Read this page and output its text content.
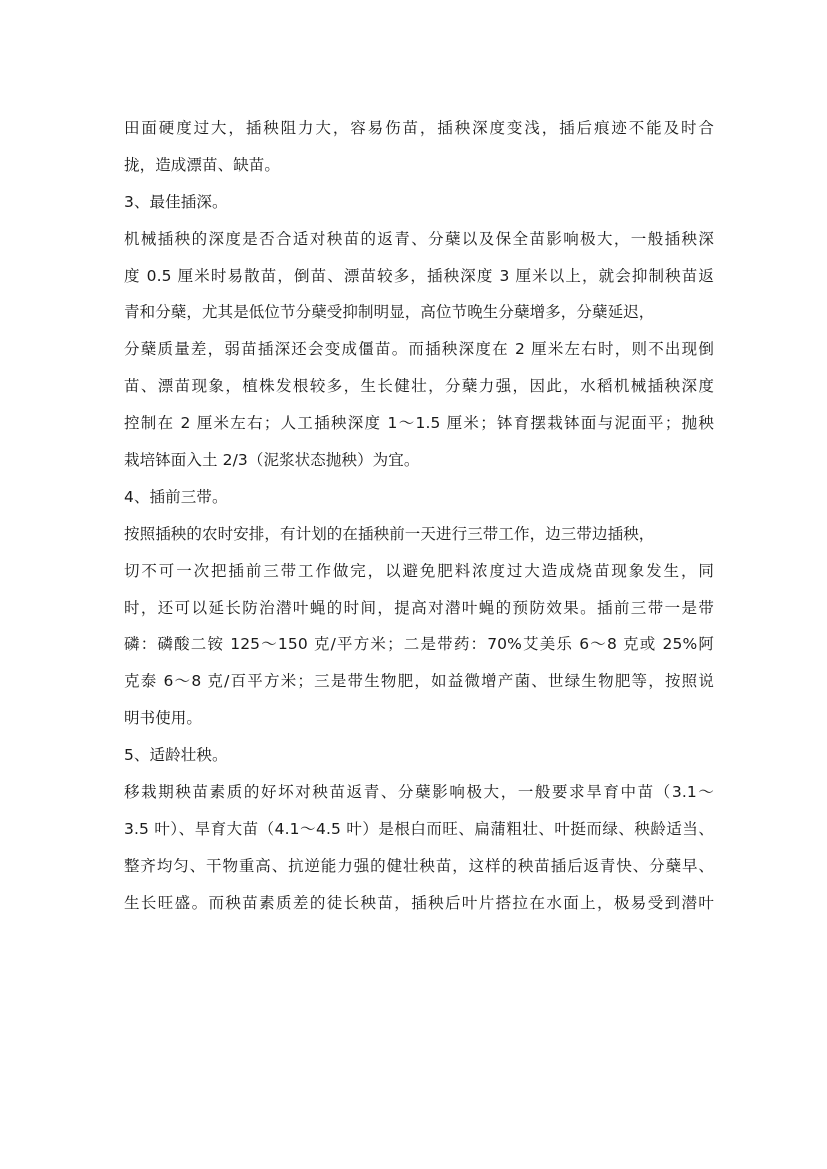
田面硬度过大，插秧阻力大，容易伤苗，插秧深度变浅，插后痕迹不能及时合
拢，造成漂苗、缺苗。
3、最佳插深。
机械插秧的深度是否合适对秧苗的返青、分蘖以及保全苗影响极大，一般插秧深
度 0.5 厘米时易散苗，倒苗、漂苗较多，插秧深度 3 厘米以上，就会抑制秧苗返
青和分蘖，尤其是低位节分蘖受抑制明显，高位节晚生分蘖增多，分蘖延迟，
分蘖质量差，弱苗插深还会变成僵苗。而插秧深度在 2 厘米左右时，则不出现倒
苗、漂苗现象，植株发根较多，生长健壮，分蘖力强，因此，水稻机械插秧深度
控制在 2 厘米左右；人工插秧深度 1～1.5 厘米；钵育摆栽钵面与泥面平；抛秧
栽培钵面入土 2/3（泥浆状态抛秧）为宜。
4、插前三带。
按照插秧的农时安排，有计划的在插秧前一天进行三带工作，边三带边插秧，
切不可一次把插前三带工作做完，以避免肥料浓度过大造成烧苗现象发生，同
时，还可以延长防治潜叶蝇的时间，提高对潜叶蝇的预防效果。插前三带一是带
磷：磷酸二铵 125～150 克/平方米；二是带药：70%艾美乐 6～8 克或 25%阿
克泰 6～8 克/百平方米；三是带生物肥，如益微增产菌、世绿生物肥等，按照说
明书使用。
5、适龄壮秧。
移栽期秧苗素质的好坏对秧苗返青、分蘖影响极大，一般要求旱育中苗（3.1～
3.5 叶）、旱育大苗（4.1～4.5 叶）是根白而旺、扁蒲粗壮、叶挺而绿、秧龄适当、
整齐均匀、干物重高、抗逆能力强的健壮秧苗，这样的秧苗插后返青快、分蘖早、
生长旺盛。而秧苗素质差的徒长秧苗，插秧后叶片搭拉在水面上，极易受到潜叶
